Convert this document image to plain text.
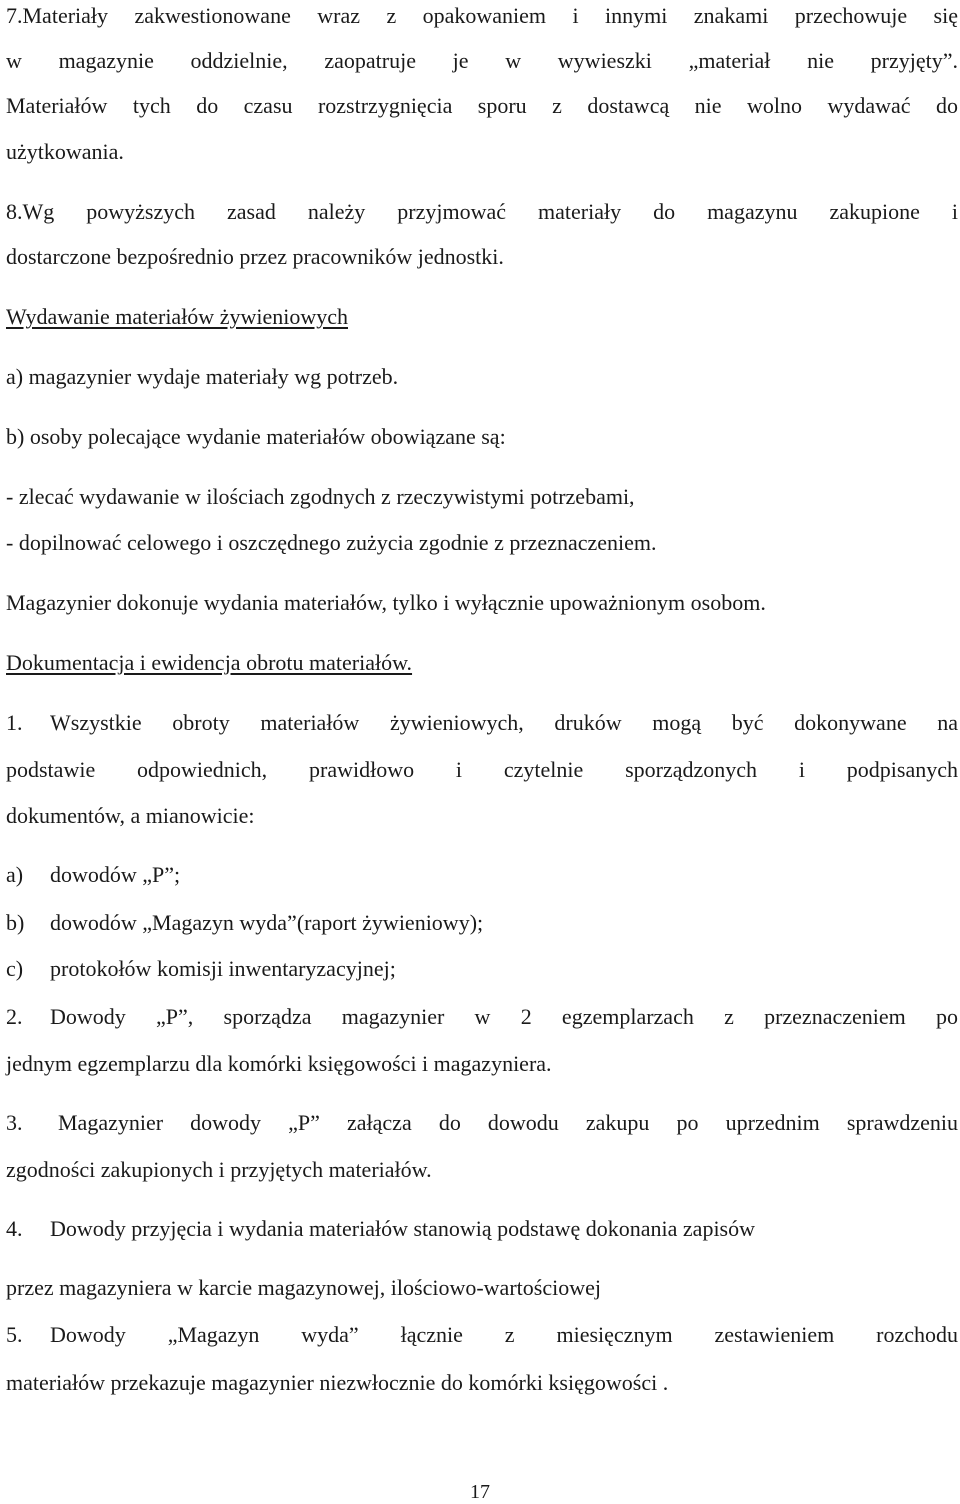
7.Materiały zakwestionowane wraz z opakowaniem i innymi znakami przechowuje się
w magazynie oddzielnie, zaopatruje je w wywieszki „materiał nie przyjęty”.
Materiałów tych do czasu rozstrzygnięcia sporu z dostawcą nie wolno wydawać do
użytkowania.
8.Wg powyższych zasad należy przyjmować materiały do magazynu zakupione i
dostarczone bezpośrednio przez pracowników jednostki.
Wydawanie materiałów żywieniowych
a) magazynier wydaje materiały wg potrzeb.
b) osoby polecające wydanie materiałów obowiązane są:
- zlecać wydawanie w ilościach zgodnych z rzeczywistymi potrzebami,
- dopilnować celowego i oszczędnego zużycia zgodnie z przeznaczeniem.
Magazynier dokonuje wydania materiałów, tylko i wyłącznie upoważnionym osobom.
Dokumentacja i ewidencja obrotu materiałów.
1. Wszystkie obroty materiałów żywieniowych, druków mogą być dokonywane na
podstawie odpowiednich, prawidłowo i czytelnie sporządzonych i podpisanych
dokumentów, a mianowicie:
a) dowodów „P”;
b) dowodów „Magazyn wyda”(raport żywieniowy);
c) protokołów komisji inwentaryzacyjnej;
2. Dowody „P”, sporządza magazynier w 2 egzemplarzach z przeznaczeniem po
jednym egzemplarzu dla komórki księgowości i magazyniera.
3. Magazynier dowody „P” załącza do dowodu zakupu po uprzednim sprawdzeniu
zgodności zakupionych i przyjętych materiałów.
4. Dowody przyjęcia i wydania materiałów stanowią podstawę dokonania zapisów
przez magazyniera w karcie magazynowej, ilościowo-wartościowej
5. Dowody „Magazyn wyda” łącznie z miesięcznym zestawieniem rozchodu
materiałów przekazuje magazynier niezwłocznie do komórki księgowości .
17
